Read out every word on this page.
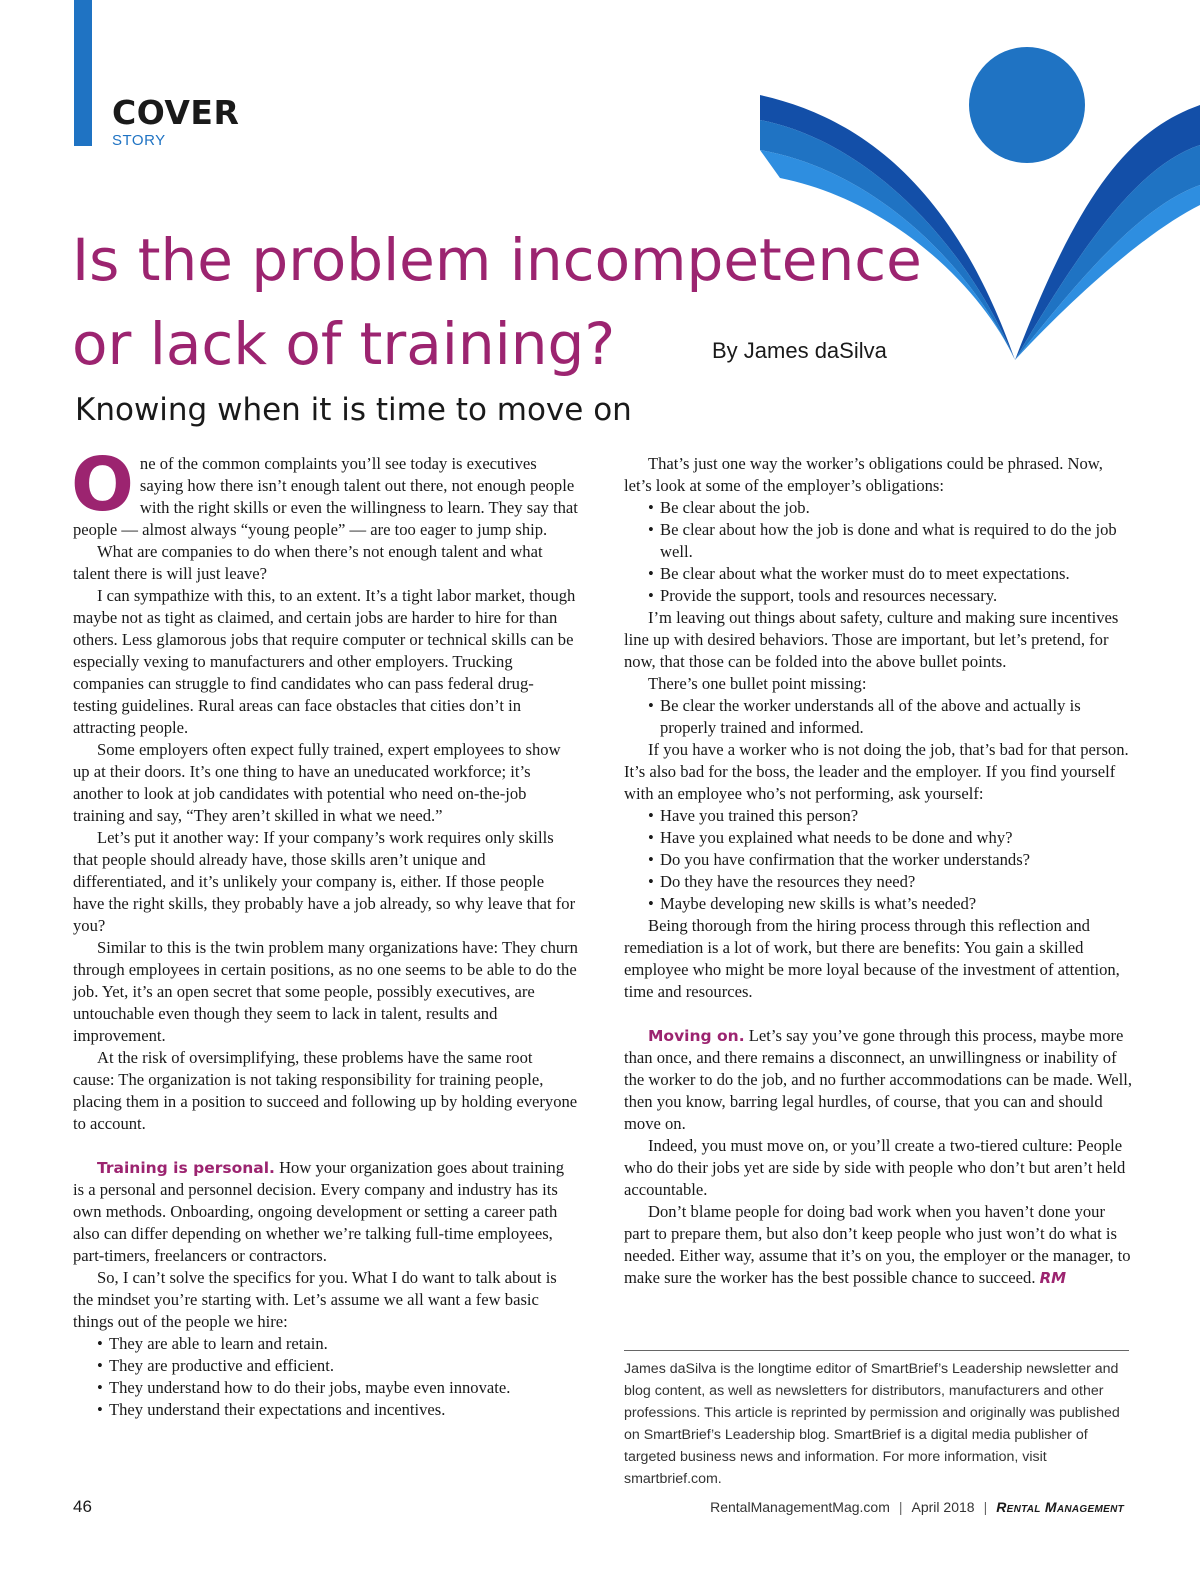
COVER
STORY
Is the problem incompetence or lack of training?	By James daSilva
Knowing when it is time to move on

One of the common complaints you’ll see today is executives saying how there isn’t enough talent out there, not enough people with the right skills or even the willingness to learn. They say that people — almost always “young people” — are too eager to jump ship.

What are companies to do when there’s not enough talent and what talent there is will just leave?

I can sympathize with this, to an extent. It’s a tight labor market, though maybe not as tight as claimed, and certain jobs are harder to hire for than others. Less glamorous jobs that require computer or technical skills can be especially vexing to manufacturers and other employers. Trucking companies can struggle to find candidates who can pass federal drug-testing guidelines. Rural areas can face obstacles that cities don’t in attracting people.

Some employers often expect fully trained, expert employees to show up at their doors. It’s one thing to have an uneducated workforce; it’s another to look at job candidates with potential who need on-the-job training and say, “They aren’t skilled in what we need.”

Let’s put it another way: If your company’s work requires only skills that people should already have, those skills aren’t unique and differentiated, and it’s unlikely your company is, either. If those people have the right skills, they probably have a job already, so why leave that for you?

Similar to this is the twin problem many organizations have: They churn through employees in certain positions, as no one seems to be able to do the job. Yet, it’s an open secret that some people, possibly executives, are untouchable even though they seem to lack in talent, results and improvement.

At the risk of oversimplifying, these problems have the same root cause: The organization is not taking responsibility for training people, placing them in a position to succeed and following up by holding everyone to account.

Training is personal. How your organization goes about training is a personal and personnel decision. Every company and industry has its own methods. Onboarding, ongoing development or setting a career path also can differ depending on whether we’re talking full-time employees, part-timers, freelancers or contractors.

So, I can’t solve the specifics for you. What I do want to talk about is the mindset you’re starting with. Let’s assume we all want a few basic things out of the people we hire:

• They are able to learn and retain.
• They are productive and efficient.
• They understand how to do their jobs, maybe even innovate.
• They understand their expectations and incentives.

That’s just one way the worker’s obligations could be phrased. Now, let’s look at some of the employer’s obligations:

• Be clear about the job.
• Be clear about how the job is done and what is required to do the job well.
• Be clear about what the worker must do to meet expectations.
• Provide the support, tools and resources necessary.

I’m leaving out things about safety, culture and making sure incentives line up with desired behaviors. Those are important, but let’s pretend, for now, that those can be folded into the above bullet points.

There’s one bullet point missing:

• Be clear the worker understands all of the above and actually is properly trained and informed.

If you have a worker who is not doing the job, that’s bad for that person. It’s also bad for the boss, the leader and the employer. If you find yourself with an employee who’s not performing, ask yourself:

• Have you trained this person?
• Have you explained what needs to be done and why?
• Do you have confirmation that the worker understands?
• Do they have the resources they need?
• Maybe developing new skills is what’s needed?

Being thorough from the hiring process through this reflection and remediation is a lot of work, but there are benefits: You gain a skilled employee who might be more loyal because of the investment of attention, time and resources.

Moving on. Let’s say you’ve gone through this process, maybe more than once, and there remains a disconnect, an unwillingness or inability of the worker to do the job, and no further accommodations can be made. Well, then you know, barring legal hurdles, of course, that you can and should move on.

Indeed, you must move on, or you’ll create a two-tiered culture: People who do their jobs yet are side by side with people who don’t but aren’t held accountable.

Don’t blame people for doing bad work when you haven’t done your part to prepare them, but also don’t keep people who just won’t do what is needed. Either way, assume that it’s on you, the employer or the manager, to make sure the worker has the best possible chance to succeed. RM

James daSilva is the longtime editor of SmartBrief’s Leadership newsletter and blog content, as well as newsletters for distributors, manufacturers and other professions. This article is reprinted by permission and originally was published on SmartBrief’s Leadership blog. SmartBrief is a digital media publisher of targeted business news and information. For more information, visit smartbrief.com.
46	RentalManagementMag.com | April 2018 | Rental Management
